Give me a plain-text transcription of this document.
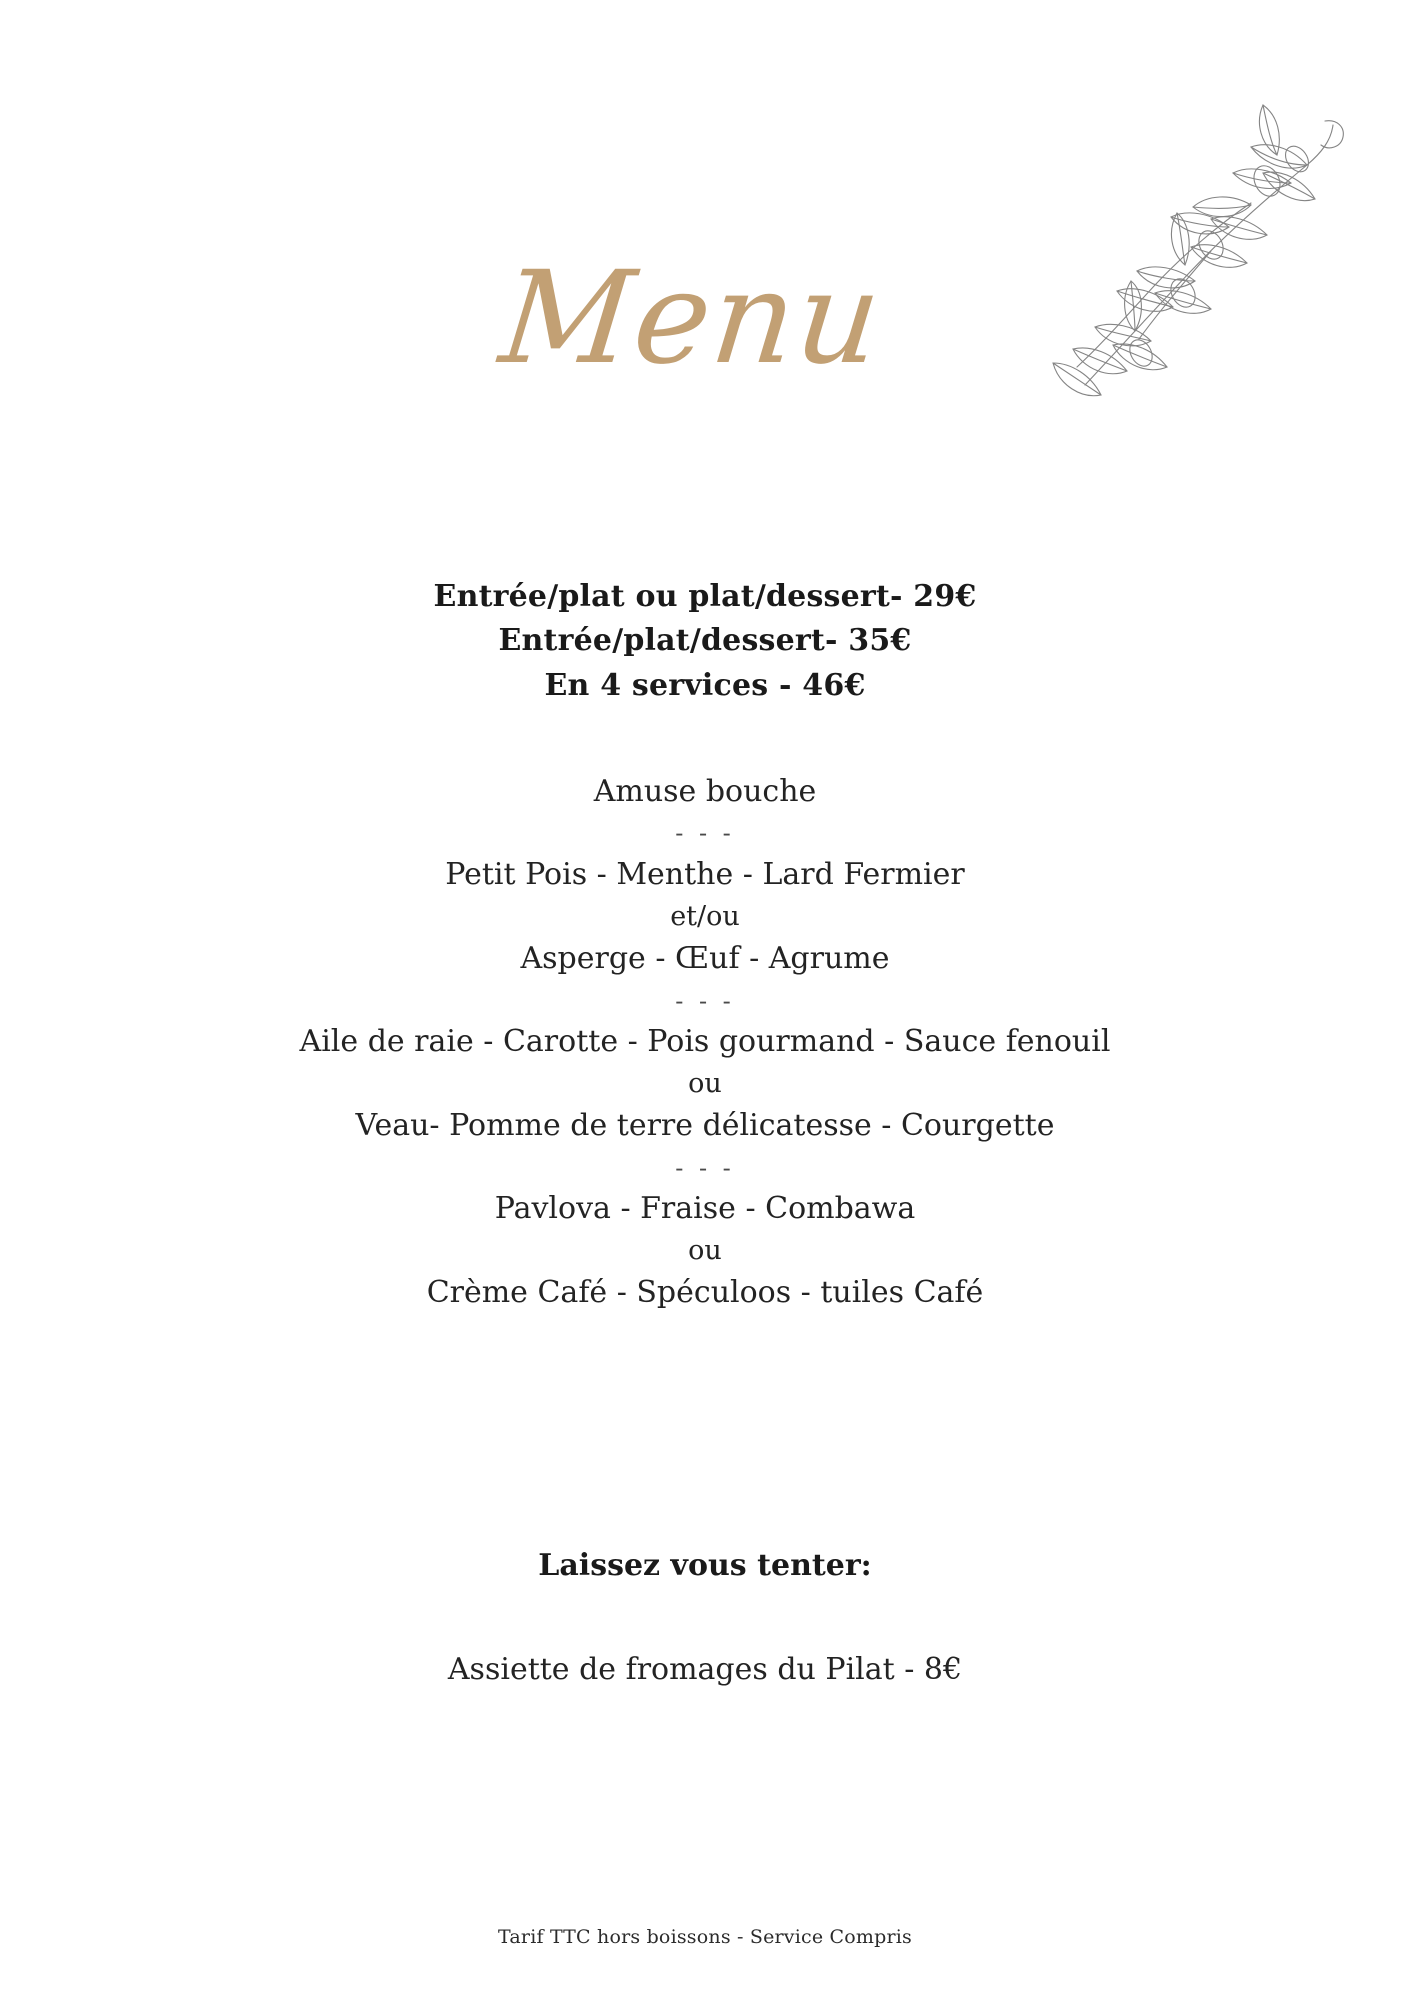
Menu
Entrée/plat ou plat/dessert- 29€
Entrée/plat/dessert- 35€
En 4 services - 46€
Amuse bouche
- - -
Petit Pois - Menthe - Lard Fermier
et/ou
Asperge - Œuf - Agrume
- - -
Aile de raie - Carotte - Pois gourmand - Sauce fenouil
ou
Veau- Pomme de terre délicatesse - Courgette
- - -
Pavlova - Fraise - Combawa
ou
Crème Café - Spéculoos - tuiles Café
Laissez vous tenter:
Assiette de fromages du Pilat - 8€
Tarif TTC hors boissons - Service Compris
